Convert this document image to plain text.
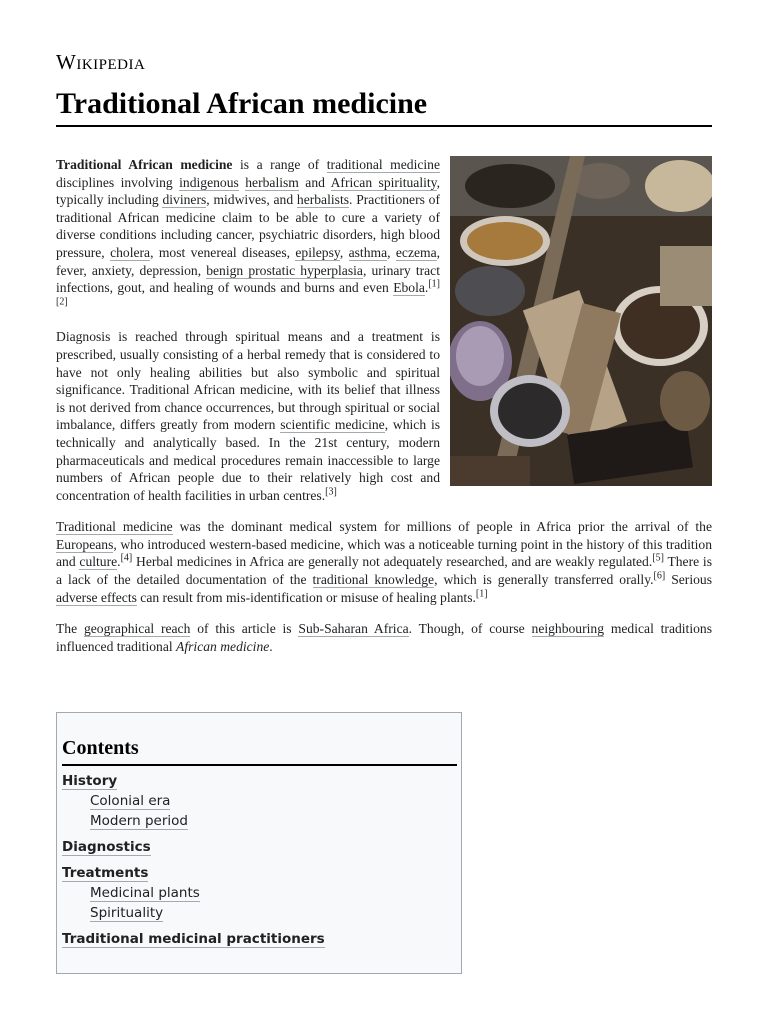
Wikipedia
Traditional African medicine

Traditional African medicine is a range of traditional medicine disciplines involving indigenous herbalism and African spirituality, typically including diviners, midwives, and herbalists. Practitioners of traditional African medicine claim to be able to cure a variety of diverse conditions including cancer, psychiatric disorders, high blood pressure, cholera, most venereal diseases, epilepsy, asthma, eczema, fever, anxiety, depression, benign prostatic hyperplasia, urinary tract infections, gout, and healing of wounds and burns and even Ebola.[1][2]

Diagnosis is reached through spiritual means and a treatment is prescribed, usually consisting of a herbal remedy that is considered to have not only healing abilities but also symbolic and spiritual significance. Traditional African medicine, with its belief that illness is not derived from chance occurrences, but through spiritual or social imbalance, differs greatly from modern scientific medicine, which is technically and analytically based. In the 21st century, modern pharmaceuticals and medical procedures remain inaccessible to large numbers of African people due to their relatively high cost and concentration of health facilities in urban centres.[3]

Traditional medicine was the dominant medical system for millions of people in Africa prior the arrival of the Europeans, who introduced western-based medicine, which was a noticeable turning point in the history of this tradition and culture.[4] Herbal medicines in Africa are generally not adequately researched, and are weakly regulated.[5] There is a lack of the detailed documentation of the traditional knowledge, which is generally transferred orally.[6] Serious adverse effects can result from mis-identification or misuse of healing plants.[1]

The geographical reach of this article is Sub-Saharan Africa. Though, of course neighbouring medical traditions influenced traditional African medicine.

Contents
History
Colonial era
Modern period
Diagnostics
Treatments
Medicinal plants
Spirituality
Traditional medicinal practitioners
